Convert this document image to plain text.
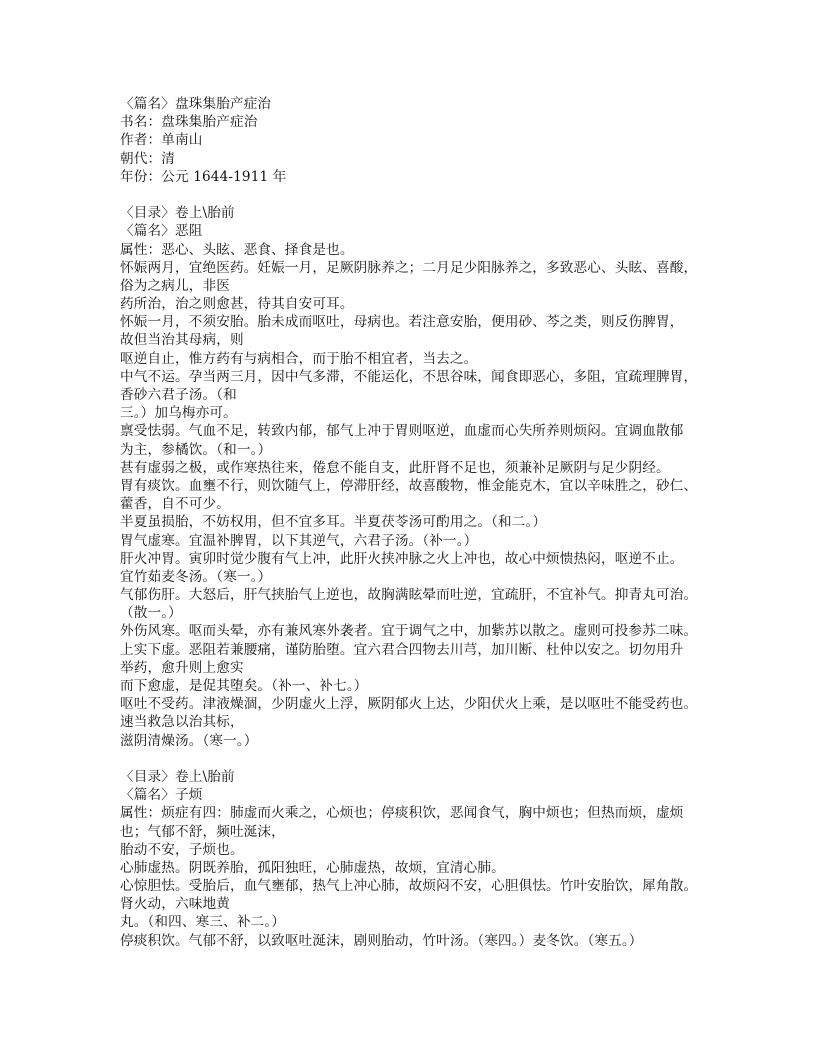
〈篇名〉盘珠集胎产症治
书名：盘珠集胎产症治
作者：单南山
朝代：清
年份：公元 1644-1911 年
〈目录〉卷上\胎前
〈篇名〉恶阻
属性：恶心、头眩、恶食、择食是也。
怀娠两月，宜绝医药。妊娠一月，足厥阴脉养之；二月足少阳脉养之，多致恶心、头眩、喜酸，
俗为之病儿，非医
药所治，治之则愈甚，待其自安可耳。
怀娠一月，不须安胎。胎未成而呕吐，母病也。若注意安胎，便用砂、芩之类，则反伤脾胃，
故但当治其母病，则
呕逆自止，惟方药有与病相合，而于胎不相宜者，当去之。
中气不运。孕当两三月，因中气多滞，不能运化，不思谷味，闻食即恶心，多阻，宜疏理脾胃，
香砂六君子汤。（和
三。）加乌梅亦可。
禀受怯弱。气血不足，转致内郁，郁气上冲于胃则呕逆，血虚而心失所养则烦闷。宜调血散郁
为主，参橘饮。（和一。）
甚有虚弱之极，或作寒热往来，倦怠不能自支，此肝肾不足也，须兼补足厥阴与足少阴经。
胃有痰饮。血壅不行，则饮随气上，停滞肝经，故喜酸物，惟金能克木，宜以辛味胜之，砂仁、
藿香，自不可少。
半夏虽损胎，不妨权用，但不宜多耳。半夏茯苓汤可酌用之。（和二。）
胃气虚寒。宜温补脾胃，以下其逆气，六君子汤。（补一。）
肝火冲胃。寅卯时觉少腹有气上冲，此肝火挟冲脉之火上冲也，故心中烦愦热闷，呕逆不止。
宜竹茹麦冬汤。（寒一。）
气郁伤肝。大怒后，肝气挟胎气上逆也，故胸满眩晕而吐逆，宜疏肝，不宜补气。抑青丸可治。
（散一。）
外伤风寒。呕而头晕，亦有兼风寒外袭者。宜于调气之中，加紫苏以散之。虚则可投参苏二味。
上实下虚。恶阻若兼腰痛，谨防胎堕。宜六君合四物去川芎，加川断、杜仲以安之。切勿用升
举药，愈升则上愈实
而下愈虚，是促其堕矣。（补一、补七。）
呕吐不受药。津液燥涸，少阴虚火上浮，厥阴郁火上达，少阳伏火上乘，是以呕吐不能受药也。
速当救急以治其标，
滋阴清燥汤。（寒一。）
〈目录〉卷上\胎前
〈篇名〉子烦
属性：烦症有四：肺虚而火乘之，心烦也；停痰积饮，恶闻食气，胸中烦也；但热而烦，虚烦
也；气郁不舒，频吐涎沫，
胎动不安，子烦也。
心肺虚热。阴既养胎，孤阳独旺，心肺虚热，故烦，宜清心肺。
心惊胆怯。受胎后，血气壅郁，热气上冲心肺，故烦闷不安，心胆俱怯。竹叶安胎饮，犀角散。
肾火动，六味地黄
丸。（和四、寒三、补二。）
停痰积饮。气郁不舒，以致呕吐涎沫，剧则胎动，竹叶汤。（寒四。）麦冬饮。（寒五。）
